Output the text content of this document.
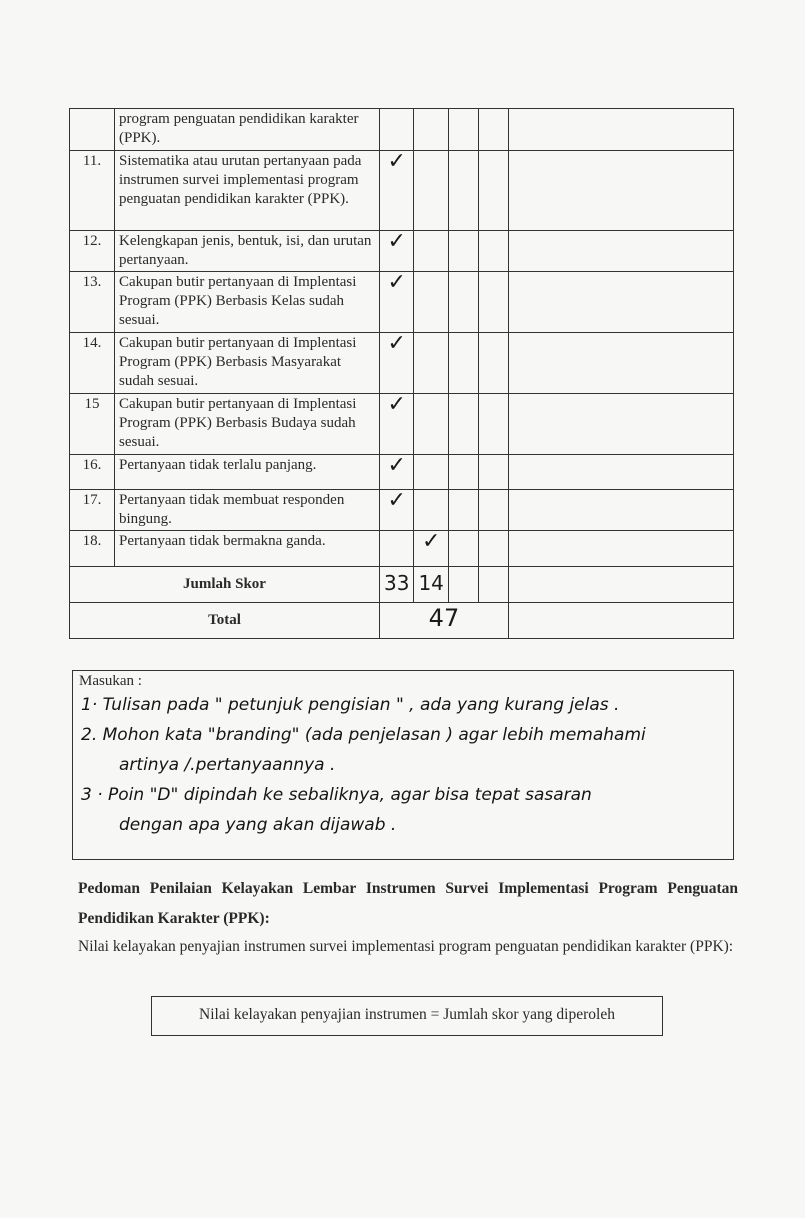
	program penguatan pendidikan karakter (PPK).					
11.	Sistematika atau urutan pertanyaan pada instrumen survei implementasi program penguatan pendidikan karakter (PPK).	✓				
12.	Kelengkapan jenis, bentuk, isi, dan urutan pertanyaan.	✓				
13.	Cakupan butir pertanyaan di Implentasi Program (PPK) Berbasis Kelas sudah sesuai.	✓				
14.	Cakupan butir pertanyaan di Implentasi Program (PPK) Berbasis Masyarakat sudah sesuai.	✓				
15	Cakupan butir pertanyaan di Implentasi Program (PPK) Berbasis Budaya sudah sesuai.	✓				
16.	Pertanyaan tidak terlalu panjang.	✓				
17.	Pertanyaan tidak membuat responden bingung.	✓				
18.	Pertanyaan tidak bermakna ganda.		✓			
Jumlah Skor		33	14			
Total		47				
Masukan :
1· Tulisan pada " petunjuk pengisian " , ada yang kurang jelas .
2. Mohon kata "branding" (ada penjelasan ) agar lebih memahami
artinya /.pertanyaannya .
3 · Poin "D" dipindah ke sebaliknya, agar bisa tepat sasaran
dengan apa yang akan dijawab .
Pedoman Penilaian Kelayakan Lembar Instrumen Survei Implementasi Program Penguatan Pendidikan Karakter (PPK):
Nilai kelayakan penyajian instrumen survei implementasi program penguatan pendidikan karakter (PPK):
Nilai kelayakan penyajian instrumen = Jumlah skor yang diperoleh
